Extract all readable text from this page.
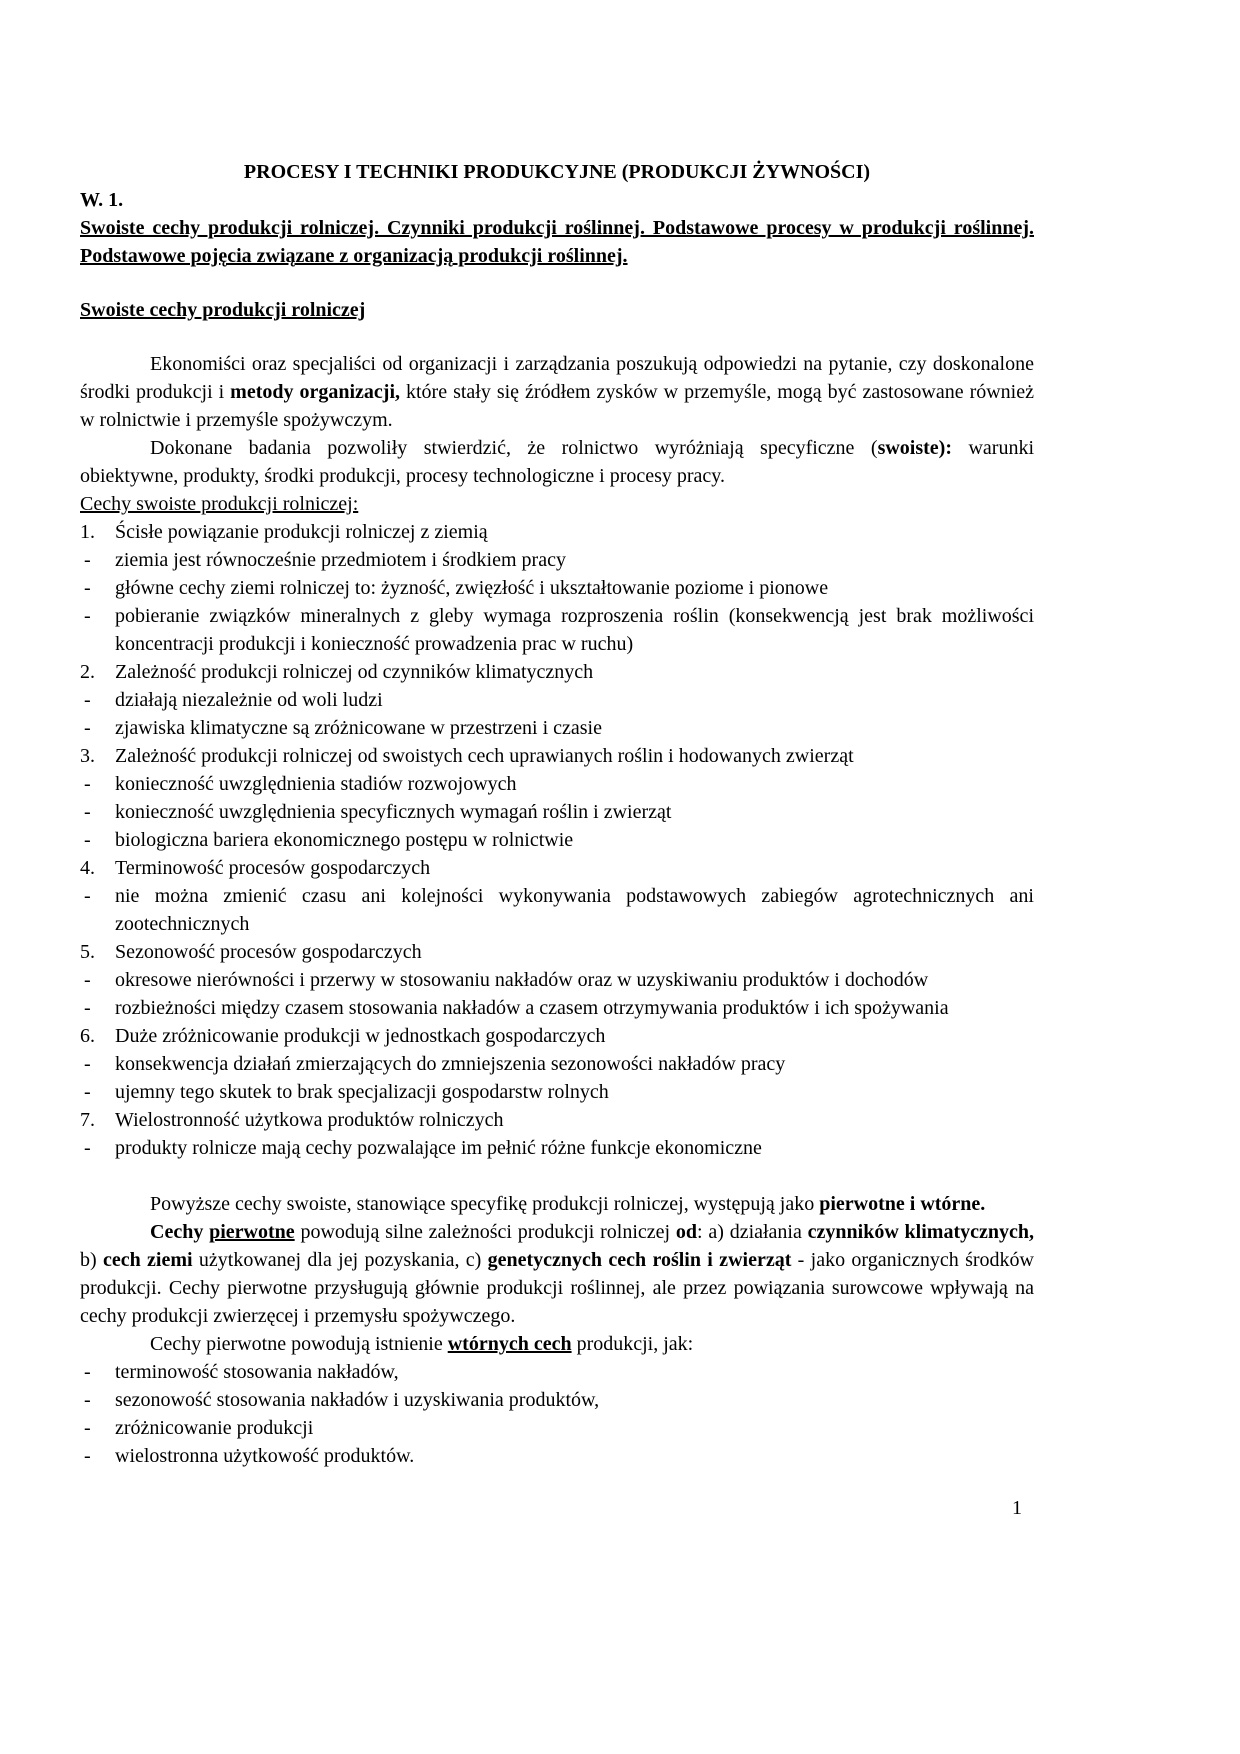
PROCESY I TECHNIKI PRODUKCYJNE (PRODUKCJI ŻYWNOŚCI)
W. 1.
Swoiste cechy produkcji rolniczej. Czynniki produkcji roślinnej. Podstawowe procesy w produkcji roślinnej. Podstawowe pojęcia związane z organizacją produkcji roślinnej.
Swoiste cechy produkcji rolniczej
Ekonomiści oraz specjaliści od organizacji i zarządzania poszukują odpowiedzi na pytanie, czy doskonalone środki produkcji i metody organizacji, które stały się źródłem zysków w przemyśle, mogą być zastosowane również w rolnictwie i przemyśle spożywczym.
Dokonane badania pozwoliły stwierdzić, że rolnictwo wyróżniają specyficzne (swoiste): warunki obiektywne, produkty, środki produkcji, procesy technologiczne i procesy pracy.
Cechy swoiste produkcji rolniczej:
1. Ścisłe powiązanie produkcji rolniczej z ziemią
- ziemia jest równocześnie przedmiotem i środkiem pracy
- główne cechy ziemi rolniczej to: żyzność, zwięzłość i ukształtowanie poziome i pionowe
- pobieranie związków mineralnych z gleby wymaga rozproszenia roślin (konsekwencją jest brak możliwości koncentracji produkcji i konieczność prowadzenia prac w ruchu)
2. Zależność produkcji rolniczej od czynników klimatycznych
- działają niezależnie od woli ludzi
- zjawiska klimatyczne są zróżnicowane w przestrzeni i czasie
3. Zależność produkcji rolniczej od swoistych cech uprawianych roślin i hodowanych zwierząt
- konieczność uwzględnienia stadiów rozwojowych
- konieczność uwzględnienia specyficznych wymagań roślin i zwierząt
- biologiczna bariera ekonomicznego postępu w rolnictwie
4. Terminowość procesów gospodarczych
- nie można zmienić czasu ani kolejności wykonywania podstawowych zabiegów agrotechnicznych ani zootechnicznych
5. Sezonowość procesów gospodarczych
- okresowe nierówności i przerwy w stosowaniu nakładów oraz w uzyskiwaniu produktów i dochodów
- rozbieżności między czasem stosowania nakładów a czasem otrzymywania produktów i ich spożywania
6. Duże zróżnicowanie produkcji w jednostkach gospodarczych
- konsekwencja działań zmierzających do zmniejszenia sezonowości nakładów pracy
- ujemny tego skutek to brak specjalizacji gospodarstw rolnych
7. Wielostronność użytkowa produktów rolniczych
- produkty rolnicze mają cechy pozwalające im pełnić różne funkcje ekonomiczne
Powyższe cechy swoiste, stanowiące specyfikę produkcji rolniczej, występują jako pierwotne i wtórne.
Cechy pierwotne powodują silne zależności produkcji rolniczej od: a) działania czynników klimatycznych, b) cech ziemi użytkowanej dla jej pozyskania, c) genetycznych cech roślin i zwierząt - jako organicznych środków produkcji. Cechy pierwotne przysługują głównie produkcji roślinnej, ale przez powiązania surowcowe wpływają na cechy produkcji zwierzęcej i przemysłu spożywczego.
Cechy pierwotne powodują istnienie wtórnych cech produkcji, jak:
- terminowość stosowania nakładów,
- sezonowość stosowania nakładów i uzyskiwania produktów,
- zróżnicowanie produkcji
- wielostronna użytkowość produktów.
1
